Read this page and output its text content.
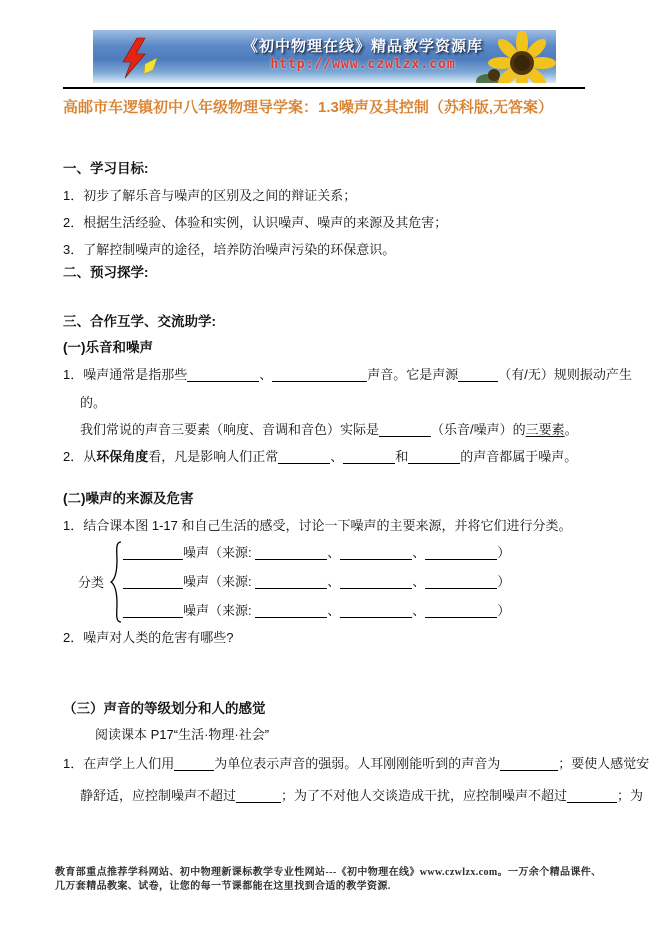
《初中物理在线》精品教学资源库
http://www.czwlzx.com
高邮市车逻镇初中八年级物理导学案：1.3噪声及其控制（苏科版,无答案）
一、学习目标:
1．初步了解乐音与噪声的区别及之间的辩证关系；
2．根据生活经验、体验和实例，认识噪声、噪声的来源及其危害；
3．了解控制噪声的途径，培养防治噪声污染的环保意识。
二、预习探学:
三、合作互学、交流助学:
(一)乐音和噪声
1．噪声通常是指那些	、	声音。它是声源	（有/无）规则振动产生
的。
我们常说的声音三要素（响度、音调和音色）实际是	（乐音/噪声）的三要素。
2．从环保角度看，凡是影响人们正常	、	和	的声音都属于噪声。
(二)噪声的来源及危害
1．结合课本图 1-17 和自己生活的感受，讨论一下噪声的主要来源，并将它们进行分类。
分类
噪声（来源:	、	、	）
噪声（来源:	、	、	）
噪声（来源:	、	、	）
2．噪声对人类的危害有哪些?
（三）声音的等级划分和人的感觉
阅读课本 P17“生活·物理·社会”
1．在声学上人们用	为单位表示声音的强弱。人耳刚刚能听到的声音为	；要使人感觉安
静舒适，应控制噪声不超过	；为了不对他人交谈造成干扰，应控制噪声不超过	；为
教育部重点推荐学科网站、初中物理新课标教学专业性网站---《初中物理在线》www.czwlzx.com。一万余个精品课件、
几万套精品教案、试卷，让您的每一节课都能在这里找到合适的教学资源.
